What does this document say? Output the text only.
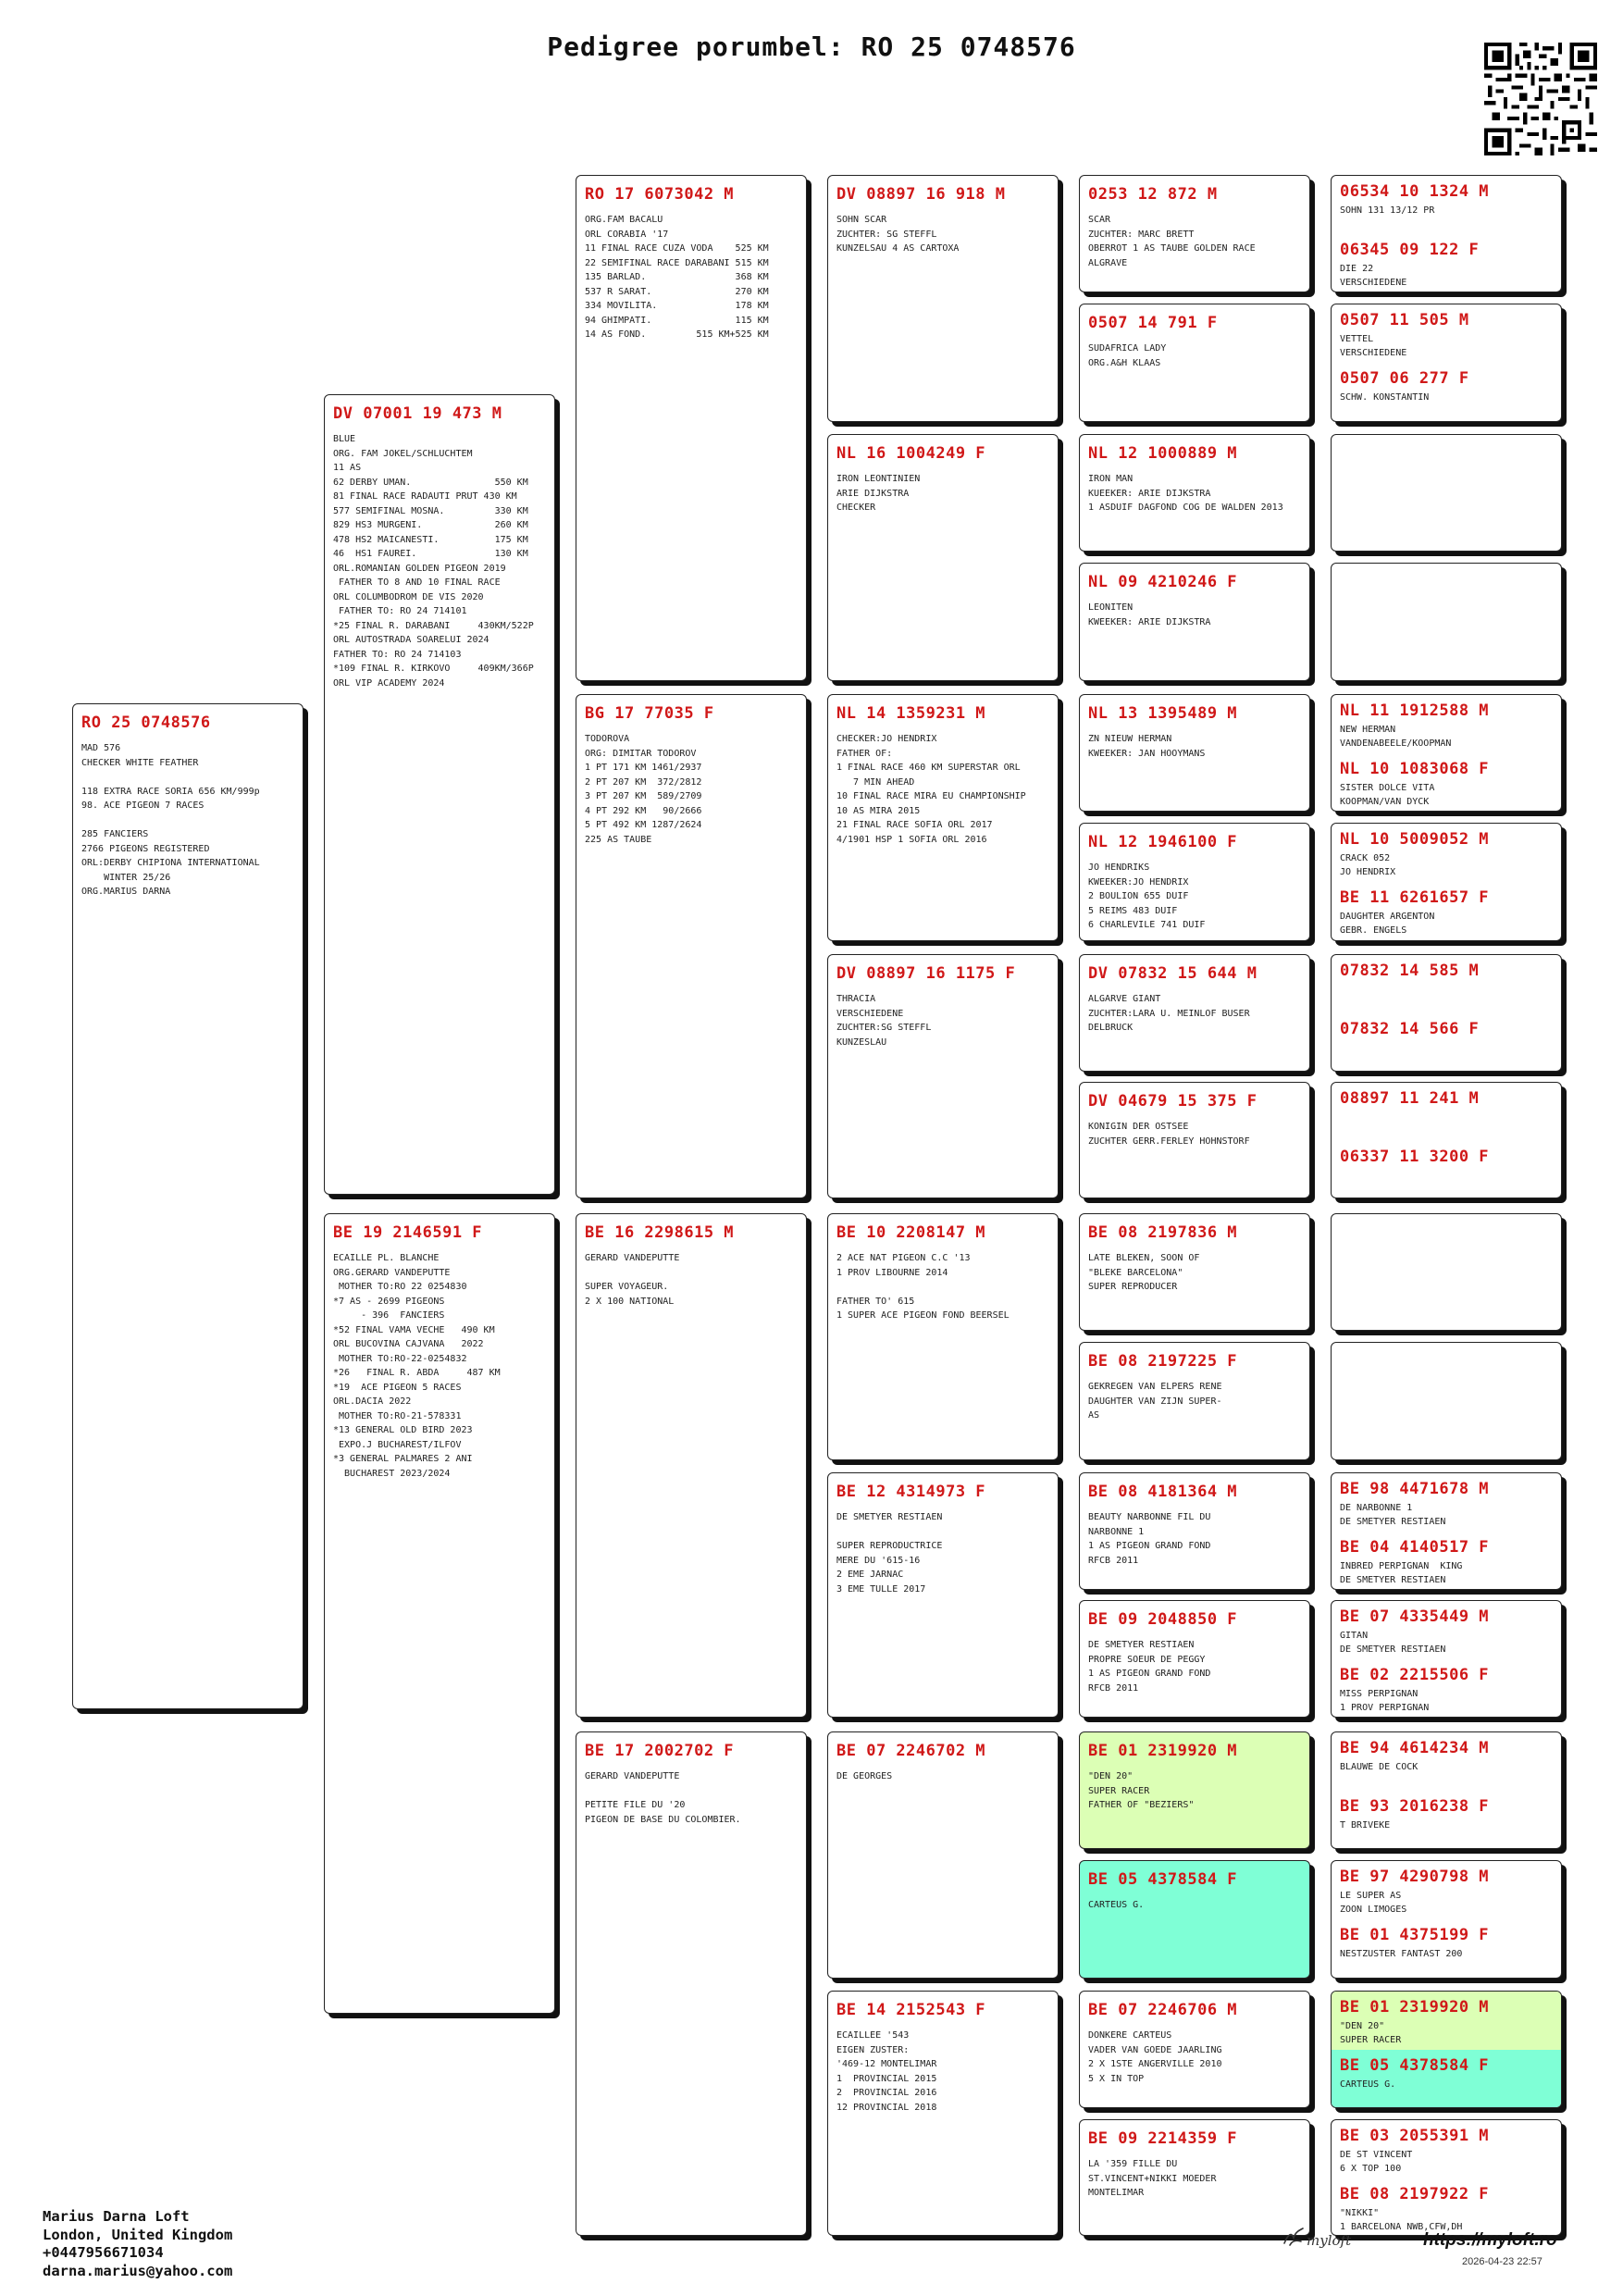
Pedigree porumbel: RO 25 0748576
RO 25 0748576
MAD 576
CHECKER WHITE FEATHER

118 EXTRA RACE SORIA 656 KM/999p
98. ACE PIGEON 7 RACES

285 FANCIERS
2766 PIGEONS REGISTERED
ORL:DERBY CHIPIONA INTERNATIONAL
WINTER 25/26
ORG.MARIUS DARNA
DV 07001 19 473 M
BLUE
ORG. FAM JOKEL/SCHLUCHTEM
11 AS
62 DERBY UMAN.               550 KM
81 FINAL RACE RADAUTI PRUT 430 KM
577 SEMIFINAL MOSNA.         330 KM
829 HS3 MURGENI.             260 KM
478 HS2 MAICANESTI.          175 KM
46  HS1 FAUREI.              130 KM
ORL.ROMANIAN GOLDEN PIGEON 2019
FATHER TO 8 AND 10 FINAL RACE
ORL COLUMBODROM DE VIS 2020
FATHER TO: RO 24 714101
*25 FINAL R. DARABANI     430KM/522P
ORL AUTOSTRADA SOARELUI 2024
FATHER TO: RO 24 714103
*109 FINAL R. KIRKOVO     409KM/366P
ORL VIP ACADEMY 2024
BE 19 2146591 F
ECAILLE PL. BLANCHE
ORG.GERARD VANDEPUTTE
MOTHER TO:RO 22 0254830
*7 AS - 2699 PIGEONS
- 396  FANCIERS
*52 FINAL VAMA VECHE   490 KM
ORL BUCOVINA CAJVANA   2022
MOTHER TO:RO-22-0254832
*26   FINAL R. ABDA     487 KM
*19  ACE PIGEON 5 RACES
ORL.DACIA 2022
MOTHER TO:RO-21-578331
*13 GENERAL OLD BIRD 2023
EXPO.J BUCHAREST/ILFOV
*3 GENERAL PALMARES 2 ANI
BUCHAREST 2023/2024
RO 17 6073042 M
ORG.FAM BACALU
ORL CORABIA '17
11 FINAL RACE CUZA VODA    525 KM
22 SEMIFINAL RACE DARABANI 515 KM
135 BARLAD.                368 KM
537 R SARAT.               270 KM
334 MOVILITA.              178 KM
94 GHIMPATI.               115 KM
14 AS FOND.         515 KM+525 KM
BG 17 77035 F
TODOROVA
ORG: DIMITAR TODOROV
1 PT 171 KM 1461/2937
2 PT 207 KM  372/2812
3 PT 207 KM  589/2709
4 PT 292 KM   90/2666
5 PT 492 KM 1287/2624
225 AS TAUBE
BE 16 2298615 M
GERARD VANDEPUTTE

SUPER VOYAGEUR.
2 X 100 NATIONAL
BE 17 2002702 F
GERARD VANDEPUTTE

PETITE FILE DU '20
PIGEON DE BASE DU COLOMBIER.
DV 08897 16 918 M
SOHN SCAR
ZUCHTER: SG STEFFL
KUNZELSAU 4 AS CARTOXA
NL 16 1004249 F
IRON LEONTINIEN
ARIE DIJKSTRA
CHECKER
NL 14 1359231 M
CHECKER:JO HENDRIX
FATHER OF:
1 FINAL RACE 460 KM SUPERSTAR ORL
7 MIN AHEAD
10 FINAL RACE MIRA EU CHAMPIONSHIP
10 AS MIRA 2015
21 FINAL RACE SOFIA ORL 2017
4/1901 HSP 1 SOFIA ORL 2016
DV 08897 16 1175 F
THRACIA
VERSCHIEDENE
ZUCHTER:SG STEFFL
KUNZESLAU
BE 10 2208147 M
2 ACE NAT PIGEON C.C '13
1 PROV LIBOURNE 2014

FATHER TO' 615
1 SUPER ACE PIGEON FOND BEERSEL
BE 12 4314973 F
DE SMETYER RESTIAEN

SUPER REPRODUCTRICE
MERE DU '615-16
2 EME JARNAC
3 EME TULLE 2017
BE 07 2246702 M
DE GEORGES
BE 14 2152543 F
ECAILLEE '543
EIGEN ZUSTER:
'469-12 MONTELIMAR
1  PROVINCIAL 2015
2  PROVINCIAL 2016
12 PROVINCIAL 2018
0253 12 872 M
SCAR
ZUCHTER: MARC BRETT
OBERROT 1 AS TAUBE GOLDEN RACE
ALGRAVE
0507 14 791 F
SUDAFRICA LADY
ORG.A&H KLAAS
NL 12 1000889 M
IRON MAN
KUEEKER: ARIE DIJKSTRA
1 ASDUIF DAGFOND COG DE WALDEN 2013
NL 09 4210246 F
LEONITEN
KWEEKER: ARIE DIJKSTRA
NL 13 1395489 M
ZN NIEUW HERMAN
KWEEKER: JAN HOOYMANS
NL 12 1946100 F
JO HENDRIKS
KWEEKER:JO HENDRIX
2 BOULION 655 DUIF
5 REIMS 483 DUIF
6 CHARLEVILE 741 DUIF
DV 07832 15 644 M
ALGARVE GIANT
ZUCHTER:LARA U. MEINLOF BUSER
DELBRUCK
DV 04679 15 375 F
KONIGIN DER OSTSEE
ZUCHTER GERR.FERLEY HOHNSTORF
BE 08 2197836 M
LATE BLEKEN, SOON OF
"BLEKE BARCELONA"
SUPER REPRODUCER
BE 08 2197225 F
GEKREGEN VAN ELPERS RENE
DAUGHTER VAN ZIJN SUPER-
AS
BE 08 4181364 M
BEAUTY NARBONNE FIL DU
NARBONNE 1
1 AS PIGEON GRAND FOND
RFCB 2011
BE 09 2048850 F
DE SMETYER RESTIAEN
PROPRE SOEUR DE PEGGY
1 AS PIGEON GRAND FOND
RFCB 2011
BE 01 2319920 M
"DEN 20"
SUPER RACER
FATHER OF "BEZIERS"
BE 05 4378584 F
CARTEUS G.
BE 07 2246706 M
DONKERE CARTEUS
VADER VAN GOEDE JAARLING
2 X 1STE ANGERVILLE 2010
5 X IN TOP
BE 09 2214359 F
LA '359 FILLE DU
ST.VINCENT+NIKKI MOEDER
MONTELIMAR
06534 10 1324 M
SOHN 131 13/12 PR
06345 09 122 F
DIE 22
VERSCHIEDENE
0507 11 505 M
VETTEL
VERSCHIEDENE
0507 06 277 F
SCHW. KONSTANTIN
NL 11 1912588 M
NEW HERMAN
VANDENABEELE/KOOPMAN
NL 10 1083068 F
SISTER DOLCE VITA
KOOPMAN/VAN DYCK
NL 10 5009052 M
CRACK 052
JO HENDRIX
BE 11 6261657 F
DAUGHTER ARGENTON
GEBR. ENGELS
07832 14 585 M
07832 14 566 F
08897 11 241 M
06337 11 3200 F
BE 98 4471678 M
DE NARBONNE 1
DE SMETYER RESTIAEN
BE 04 4140517 F
INBRED PERPIGNAN  KING
DE SMETYER RESTIAEN
BE 07 4335449 M
GITAN
DE SMETYER RESTIAEN
BE 02 2215506 F
MISS PERPIGNAN
1 PROV PERPIGNAN
BE 94 4614234 M
BLAUWE DE COCK
BE 93 2016238 F
T BRIVEKE
BE 97 4290798 M
LE SUPER AS
ZOON LIMOGES
BE 01 4375199 F
NESTZUSTER FANTAST 200
BE 01 2319920 M
"DEN 20"
SUPER RACER
BE 05 4378584 F
CARTEUS G.
BE 03 2055391 M
DE ST VINCENT
6 X TOP 100
BE 08 2197922 F
"NIKKI"
1 BARCELONA NWB,CFW,DH
Marius Darna Loft
London, United Kingdom
+0447956671034
darna.marius@yahoo.com
myloft	https://myloft.ro
2026-04-23 22:57
